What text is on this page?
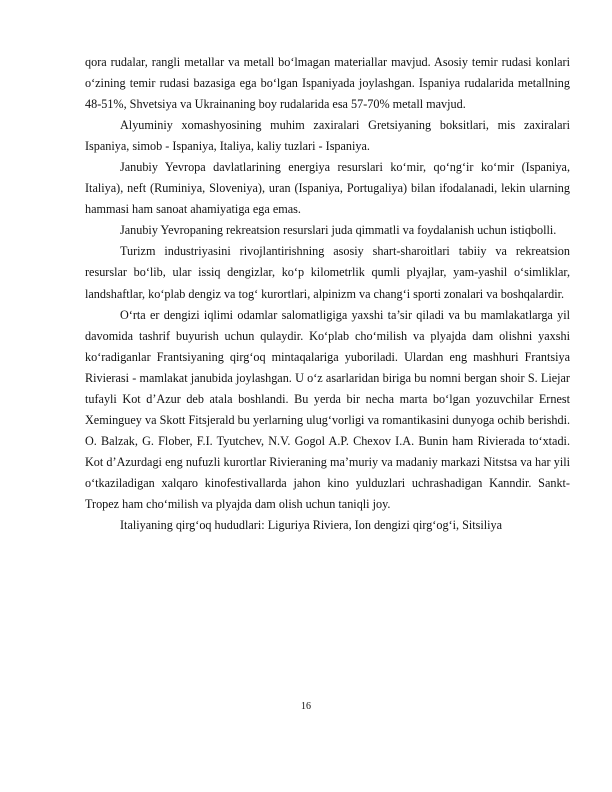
qora rudalar, rangli metallar va metall bo‘lmagan materiallar mavjud. Asosiy temir rudasi konlari o‘zining temir rudasi bazasiga ega bo‘lgan Ispaniyada joylashgan. Ispaniya rudalarida metallning 48-51%, Shvetsiya va Ukrainaning boy rudalarida esa 57-70% metall mavjud.

Alyuminiy xomashyosining muhim zaxiralari Gretsiyaning boksitlari, mis zaxiralari Ispaniya, simob - Ispaniya, Italiya, kaliy tuzlari - Ispaniya.

Janubiy Yevropa davlatlarining energiya resurslari ko‘mir, qo‘ng‘ir ko‘mir (Ispaniya, Italiya), neft (Ruminiya, Sloveniya), uran (Ispaniya, Portugaliya) bilan ifodalanadi, lekin ularning hammasi ham sanoat ahamiyatiga ega emas.

Janubiy Yevropaning rekreatsion resurslari juda qimmatli va foydalanish uchun istiqbolli.

Turizm industriyasini rivojlantirishning asosiy shart-sharoitlari tabiiy va rekreatsion resurslar bo‘lib, ular issiq dengizlar, ko‘p kilometrlik qumli plyajlar, yam-yashil o‘simliklar, landshaftlar, ko‘plab dengiz va tog‘ kurortlari, alpinizm va chang‘i sporti zonalari va boshqalardir.

O‘rta er dengizi iqlimi odamlar salomatligiga yaxshi ta’sir qiladi va bu mamlakatlarga yil davomida tashrif buyurish uchun qulaydir. Ko‘plab cho‘milish va plyajda dam olishni yaxshi ko‘radiganlar Frantsiyaning qirg‘oq mintaqalariga yuboriladi. Ulardan eng mashhuri Frantsiya Rivierasi - mamlakat janubida joylashgan. U o‘z asarlaridan biriga bu nomni bergan shoir S. Liejar tufayli Kot d’Azur deb atala boshlandi. Bu yerda bir necha marta bo‘lgan yozuvchilar Ernest Xeminguey va Skott Fitsjerald bu yerlarning ulug‘vorligi va romantikasini dunyoga ochib berishdi. O. Balzak, G. Flober, F.I. Tyutchev, N.V. Gogol A.P. Chexov I.A. Bunin ham Rivierada to‘xtadi. Kot d’Azurdagi eng nufuzli kurortlar Rivieraning ma’muriy va madaniy markazi Nitstsa va har yili o‘tkaziladigan xalqaro kinofestivallarda jahon kino yulduzlari uchrashadigan Kanndir. Sankt-Tropez ham cho‘milish va plyajda dam olish uchun taniqli joy.

Italiyaning qirg‘oq hududlari: Liguriya Riviera, Ion dengizi qirg‘og‘i, Sitsiliya

16
